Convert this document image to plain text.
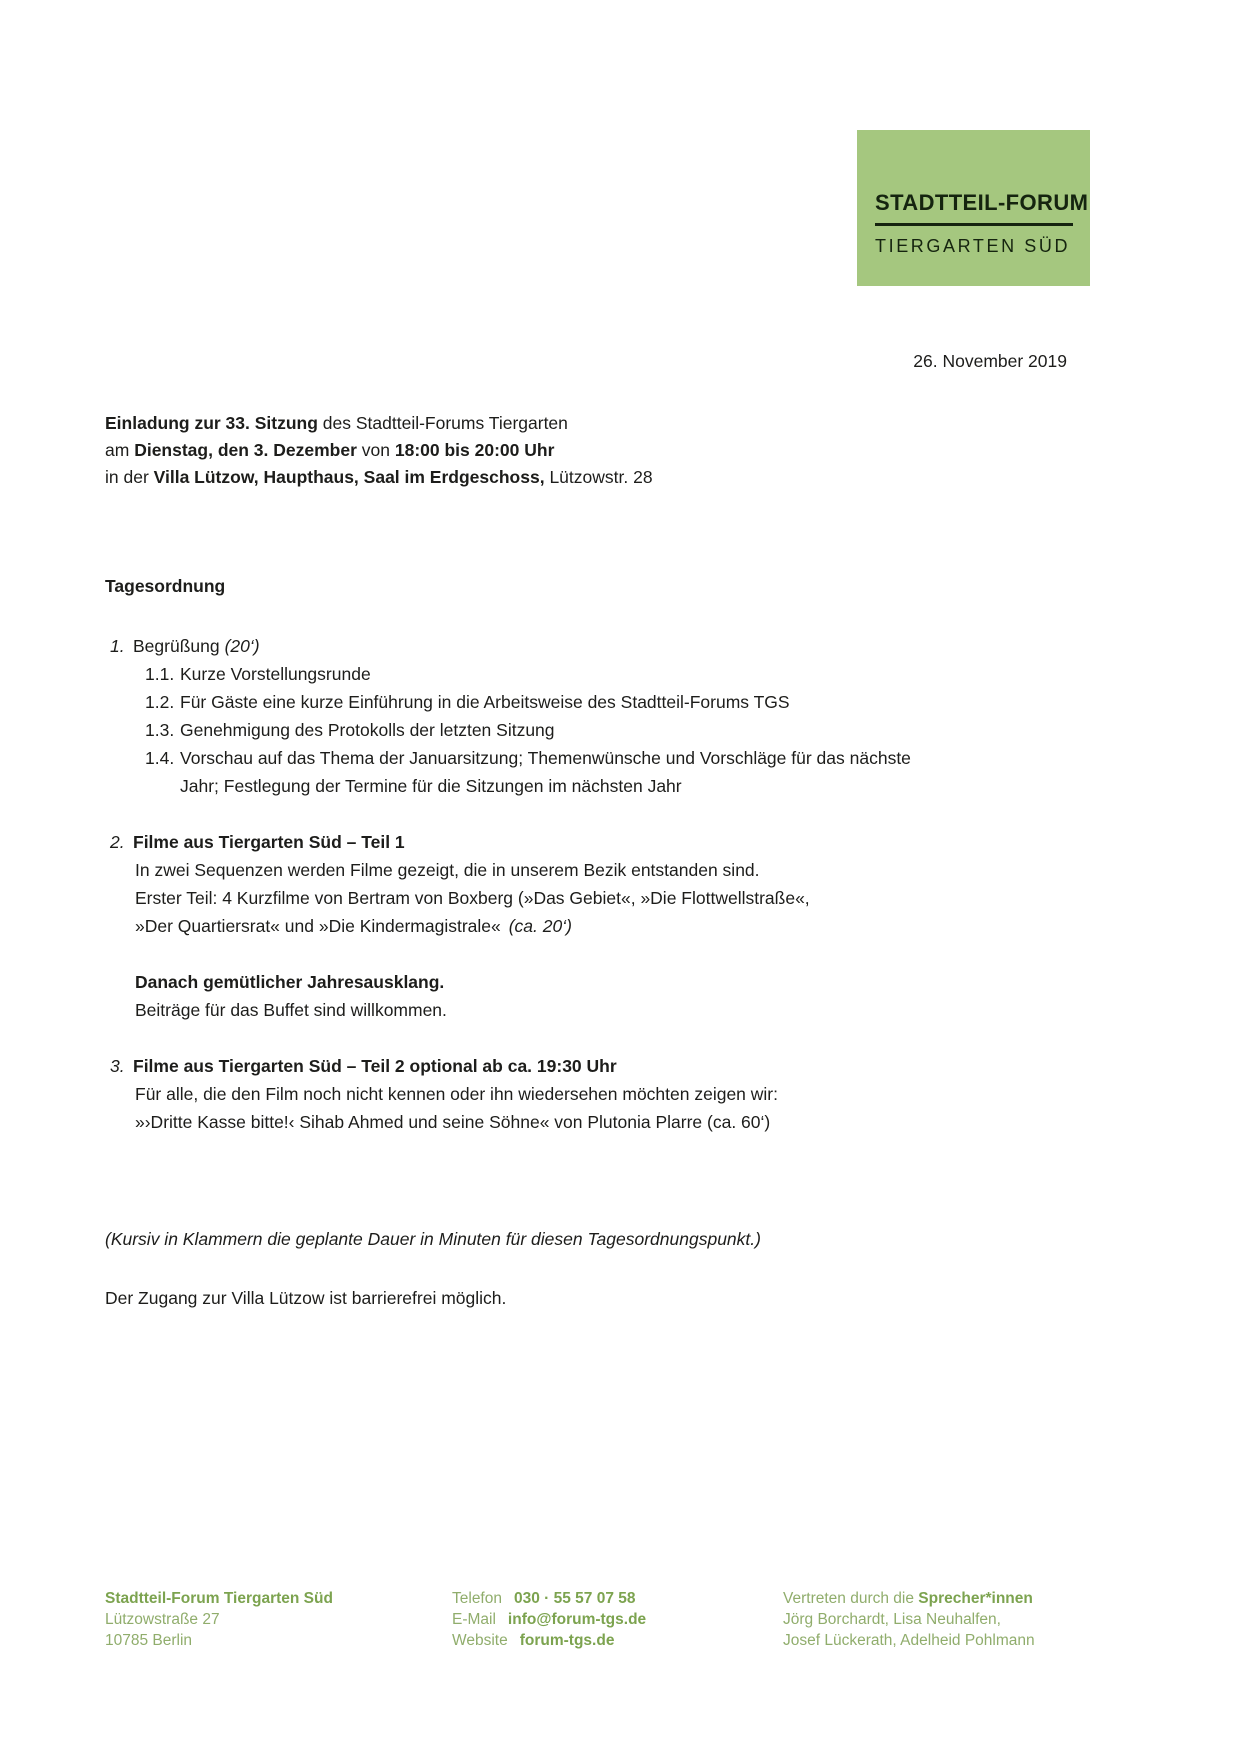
STADTTEIL-FORUM
TIERGARTEN SÜD
26. November 2019
Einladung zur 33. Sitzung des Stadtteil-Forums Tiergarten
am Dienstag, den 3. Dezember von 18:00 bis 20:00 Uhr
in der Villa Lützow, Haupthaus, Saal im Erdgeschoss, Lützowstr. 28
Tagesordnung
1. Begrüßung (20‘)
1.1. Kurze Vorstellungsrunde
1.2. Für Gäste eine kurze Einführung in die Arbeitsweise des Stadtteil-Forums TGS
1.3. Genehmigung des Protokolls der letzten Sitzung
1.4. Vorschau auf das Thema der Januarsitzung; Themenwünsche und Vorschläge für das nächste Jahr; Festlegung der Termine für die Sitzungen im nächsten Jahr
2. Filme aus Tiergarten Süd – Teil 1
In zwei Sequenzen werden Filme gezeigt, die in unserem Bezik entstanden sind.
Erster Teil: 4 Kurzfilme von Bertram von Boxberg (»Das Gebiet«, »Die Flottwellstraße«,
»Der Quartiersrat« und »Die Kindermagistrale« (ca. 20‘)
Danach gemütlicher Jahresausklang.
Beiträge für das Buffet sind willkommen.
3. Filme aus Tiergarten Süd – Teil 2 optional ab ca. 19:30 Uhr
Für alle, die den Film noch nicht kennen oder ihn wiedersehen möchten zeigen wir:
»›Dritte Kasse bitte!‹ Sihab Ahmed und seine Söhne« von Plutonia Plarre (ca. 60‘)
(Kursiv in Klammern die geplante Dauer in Minuten für diesen Tagesordnungspunkt.)
Der Zugang zur Villa Lützow ist barrierefrei möglich.
Stadtteil-Forum Tiergarten Süd
Lützowstraße 27
10785 Berlin
Telefon 030 · 55 57 07 58
E-Mail info@forum-tgs.de
Website forum-tgs.de
Vertreten durch die Sprecher*innen
Jörg Borchardt, Lisa Neuhalfen,
Josef Lückerath, Adelheid Pohlmann
